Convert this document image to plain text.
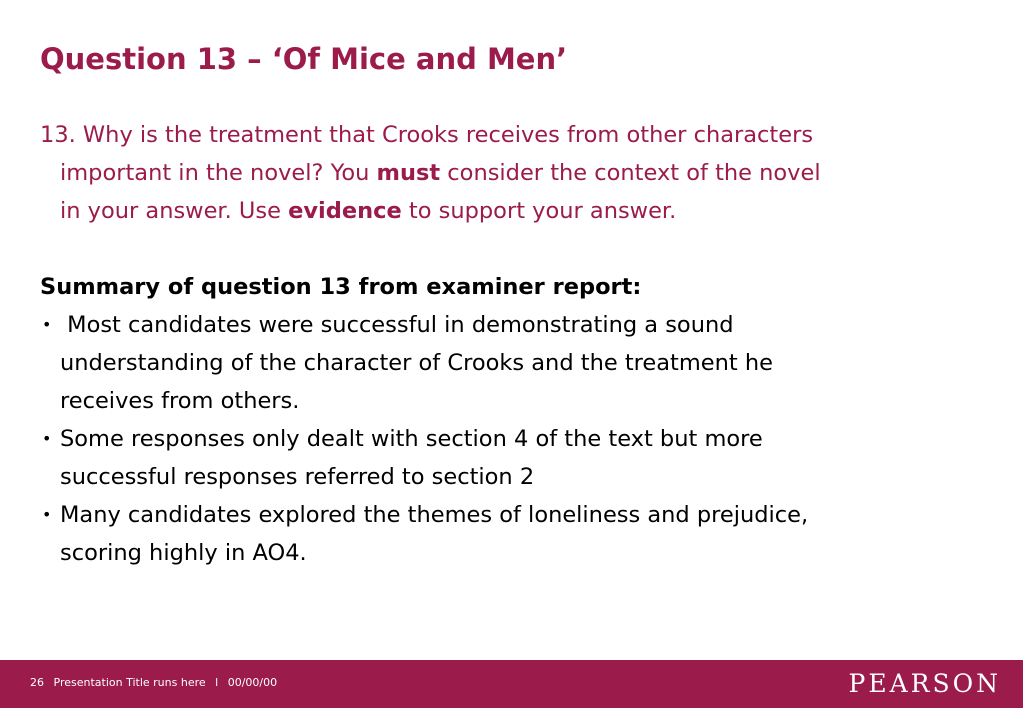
Question 13 – ‘Of Mice and Men’
13. Why is the treatment that Crooks receives from other characters
important in the novel? You must consider the context of the novel
in your answer. Use evidence to support your answer.
Summary of question 13 from examiner report:
• Most candidates were successful in demonstrating a sound
understanding of the character of Crooks and the treatment he
receives from others.
• Some responses only dealt with section 4 of the text but more
successful responses referred to section 2
• Many candidates explored the themes of loneliness and prejudice,
scoring highly in AO4.
26 Presentation Title runs here l 00/00/00	PEARSON
